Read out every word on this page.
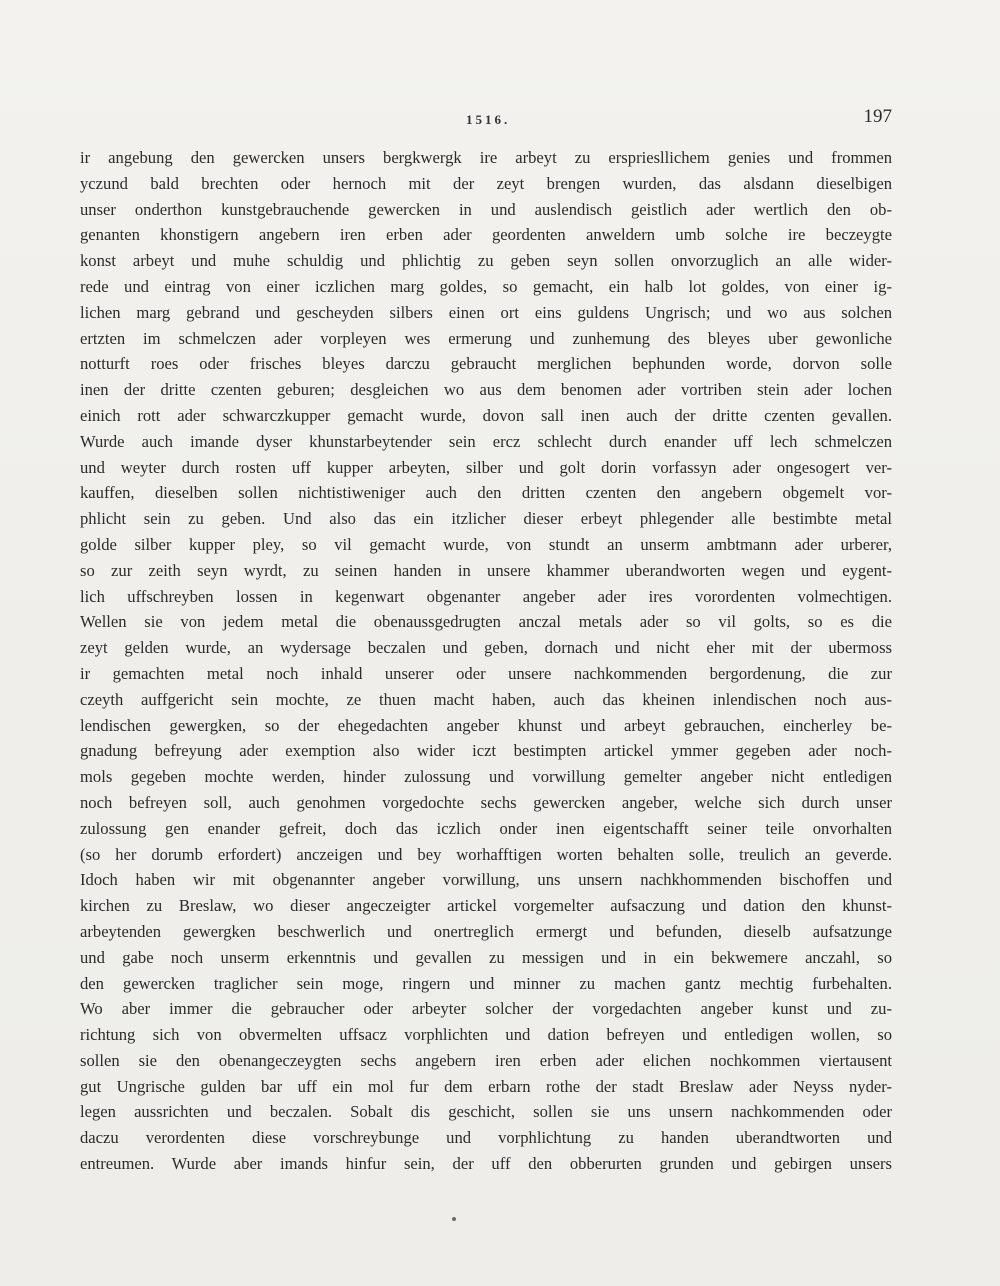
1516.	197
ir angebung den gewercken unsers bergkwergk ire arbeyt zu erspriesllichem genies und frommen
yczund bald brechten oder hernoch mit der zeyt brengen wurden, das alsdann dieselbigen
unser onderthon kunstgebrauchende gewercken in und auslendisch geistlich ader wertlich den ob-
genanten khonstigern angebern iren erben ader geordenten anweldern umb solche ire beczeygte
konst arbeyt und muhe schuldig und phlichtig zu geben seyn sollen onvorzuglich an alle wider-
rede und eintrag von einer iczlichen marg goldes, so gemacht, ein halb lot goldes, von einer ig-
lichen marg gebrand und gescheyden silbers einen ort eins guldens Ungrisch; und wo aus solchen
ertzten im schmelczen ader vorpleyen wes ermerung und zunhemung des bleyes uber gewonliche
notturft roes oder frisches bleyes darczu gebraucht merglichen bephunden worde, dorvon solle
inen der dritte czenten geburen; desgleichen wo aus dem benomen ader vortriben stein ader lochen
einich rott ader schwarczkupper gemacht wurde, dovon sall inen auch der dritte czenten gevallen.
Wurde auch imande dyser khunstarbeytender sein ercz schlecht durch enander uff lech schmelczen
und weyter durch rosten uff kupper arbeyten, silber und golt dorin vorfassyn ader ongesogert ver-
kauffen, dieselben sollen nichtistiweniger auch den dritten czenten den angebern obgemelt vor-
phlicht sein zu geben. Und also das ein itzlicher dieser erbeyt phlegender alle bestimbte metal
golde silber kupper pley, so vil gemacht wurde, von stundt an unserm ambtmann ader urberer,
so zur zeith seyn wyrdt, zu seinen handen in unsere khammer uberandworten wegen und eygent-
lich uffschreyben lossen in kegenwart obgenanter angeber ader ires vorordenten volmechtigen.
Wellen sie von jedem metal die obenaussgedrugten anczal metals ader so vil golts, so es die
zeyt gelden wurde, an wydersage beczalen und geben, dornach und nicht eher mit der ubermoss
ir gemachten metal noch inhald unserer oder unsere nachkommenden bergordenung, die zur
czeyth auffgericht sein mochte, ze thuen macht haben, auch das kheinen inlendischen noch aus-
lendischen gewergken, so der ehegedachten angeber khunst und arbeyt gebrauchen, eincherley be-
gnadung befreyung ader exemption also wider iczt bestimpten artickel ymmer gegeben ader noch-
mols gegeben mochte werden, hinder zulossung und vorwillung gemelter angeber nicht entledigen
noch befreyen soll, auch genohmen vorgedochte sechs gewercken angeber, welche sich durch unser
zulossung gen enander gefreit, doch das iczlich onder inen eigentschafft seiner teile onvorhalten
(so her dorumb erfordert) anczeigen und bey worhafftigen worten behalten solle, treulich an geverde.
Idoch haben wir mit obgenannter angeber vorwillung, uns unsern nachkhommenden bischoffen und
kirchen zu Breslaw, wo dieser angeczeigter artickel vorgemelter aufsaczung und dation den khunst-
arbeytenden gewergken beschwerlich und onertreglich ermergt und befunden, dieselb aufsatzunge
und gabe noch unserm erkenntnis und gevallen zu messigen und in ein bekwemere anczahl, so
den gewercken traglicher sein moge, ringern und minner zu machen gantz mechtig furbehalten.
Wo aber immer die gebraucher oder arbeyter solcher der vorgedachten angeber kunst und zu-
richtung sich von obvermelten uffsacz vorphlichten und dation befreyen und entledigen wollen, so
sollen sie den obenangeczeygten sechs angebern iren erben ader elichen nochkommen viertausent
gut Ungrische gulden bar uff ein mol fur dem erbarn rothe der stadt Breslaw ader Neyss nyder-
legen aussrichten und beczalen. Sobalt dis geschicht, sollen sie uns unsern nachkommenden oder
daczu verordenten diese vorschreybunge und vorphlichtung zu handen uberandtworten und
entreumen. Wurde aber imands hinfur sein, der uff den obberurten grunden und gebirgen unsers
